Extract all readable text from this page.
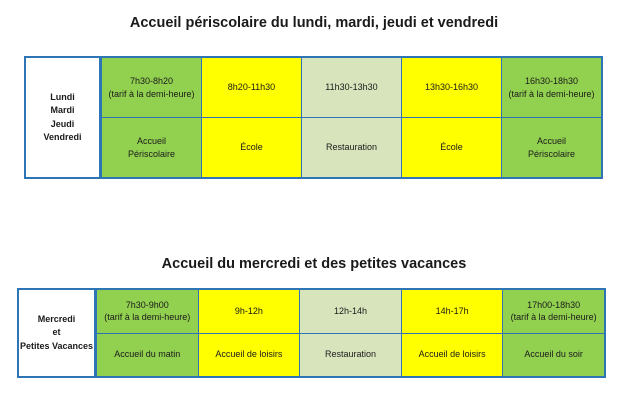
Accueil périscolaire du lundi, mardi, jeudi et vendredi
Lundi
Mardi
Jeudi
Vendredi
7h30-8h20
(tarif à la demi-heure)
Accueil
Périscolaire
8h20-11h30
École
11h30-13h30
Restauration
13h30-16h30
École
16h30-18h30
(tarif à la demi-heure)
Accueil
Périscolaire
Accueil du mercredi et des petites vacances
Mercredi
et
Petites Vacances
7h30-9h00
(tarif à la demi-heure)
Accueil du matin
9h-12h
Accueil de loisirs
12h-14h
Restauration
14h-17h
Accueil de loisirs
17h00-18h30
(tarif à la demi-heure)
Accueil du soir
